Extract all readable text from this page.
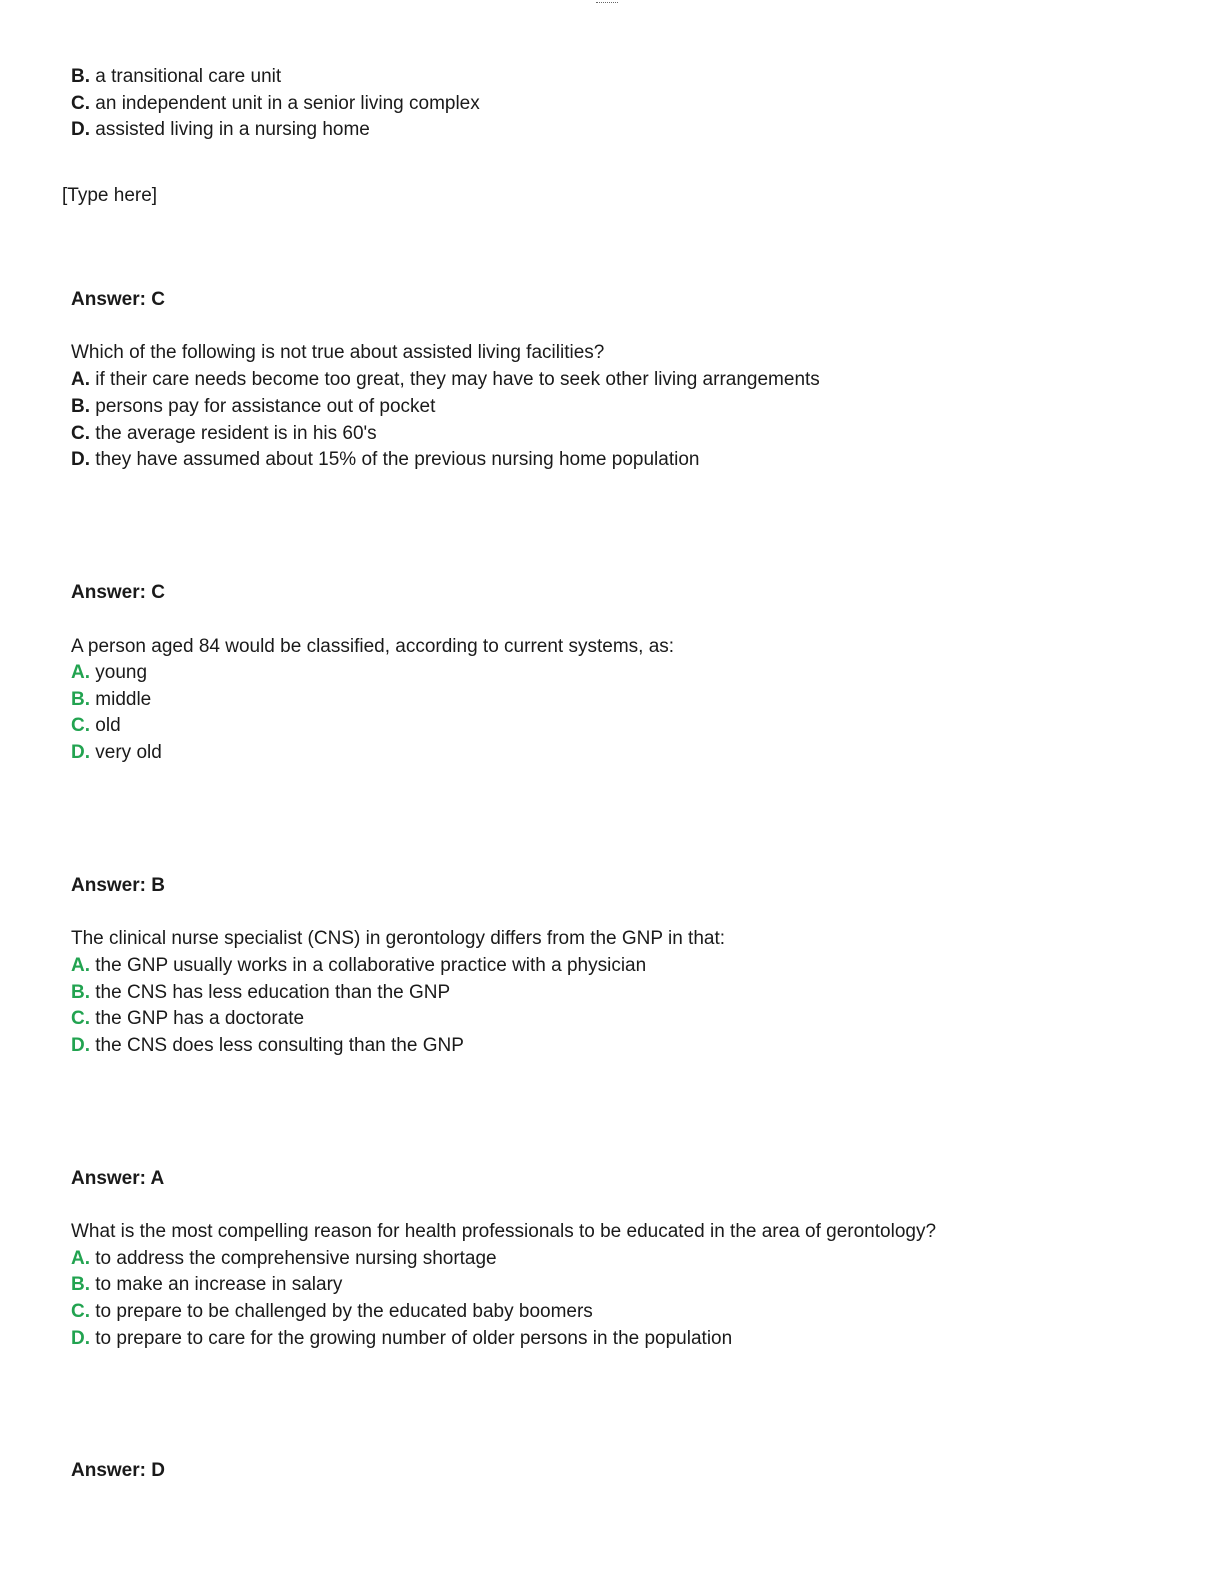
B. a transitional care unit
C. an independent unit in a senior living complex
D. assisted living in a nursing home
[Type here]
Answer: C
Which of the following is not true about assisted living facilities?
A. if their care needs become too great, they may have to seek other living arrangements
B. persons pay for assistance out of pocket
C. the average resident is in his 60's
D. they have assumed about 15% of the previous nursing home population
Answer: C
A person aged 84 would be classified, according to current systems, as:
A. young
B. middle
C. old
D. very old
Answer: B
The clinical nurse specialist (CNS) in gerontology differs from the GNP in that:
A. the GNP usually works in a collaborative practice with a physician
B. the CNS has less education than the GNP
C. the GNP has a doctorate
D. the CNS does less consulting than the GNP
Answer: A
What is the most compelling reason for health professionals to be educated in the area of gerontology?
A. to address the comprehensive nursing shortage
B. to make an increase in salary
C. to prepare to be challenged by the educated baby boomers
D. to prepare to care for the growing number of older persons in the population
Answer: D
